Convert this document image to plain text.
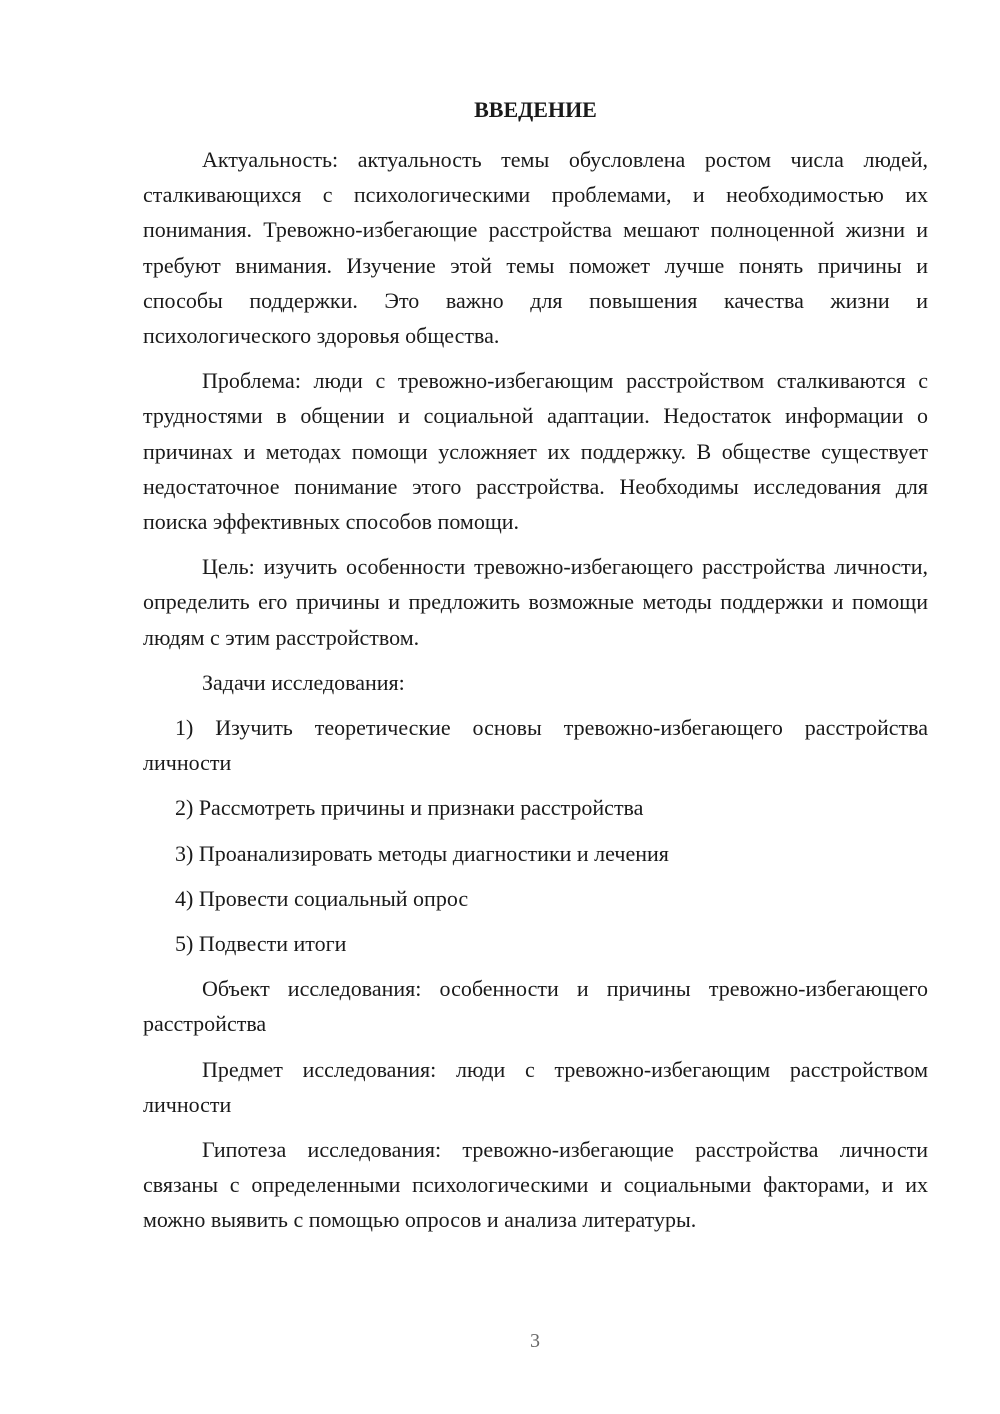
ВВЕДЕНИЕ

Актуальность: актуальность темы обусловлена ростом числа людей, сталкивающихся с психологическими проблемами, и необходимостью их понимания. Тревожно-избегающие расстройства мешают полноценной жизни и требуют внимания. Изучение этой темы поможет лучше понять причины и способы поддержки. Это важно для повышения качества жизни и психологического здоровья общества.

Проблема: люди с тревожно-избегающим расстройством сталкиваются с трудностями в общении и социальной адаптации. Недостаток информации о причинах и методах помощи усложняет их поддержку. В обществе существует недостаточное понимание этого расстройства. Необходимы исследования для поиска эффективных способов помощи.

Цель: изучить особенности тревожно-избегающего расстройства личности, определить его причины и предложить возможные методы поддержки и помощи людям с этим расстройством.

Задачи исследования:

1) Изучить теоретические основы тревожно-избегающего расстройства личности

2) Рассмотреть причины и признаки расстройства

3) Проанализировать методы диагностики и лечения

4) Провести социальный опрос

5) Подвести итоги

Объект исследования: особенности и причины тревожно-избегающего расстройства

Предмет исследования: люди с тревожно-избегающим расстройством личности

Гипотеза исследования: тревожно-избегающие расстройства личности связаны с определенными психологическими и социальными факторами, и их можно выявить с помощью опросов и анализа литературы.

3
